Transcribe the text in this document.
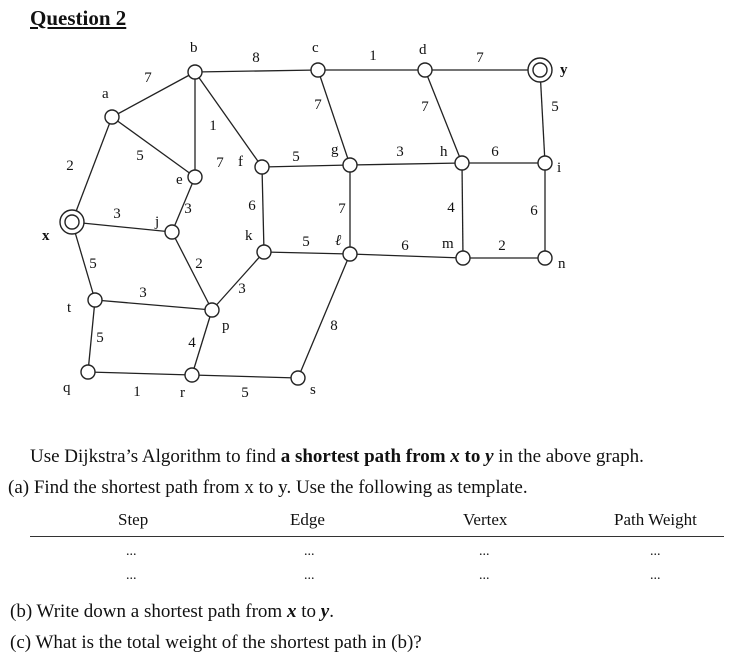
Question 2
2
7
8	1	7
5
1
7
7	7	5
5	3	6
3	3	6	7	4	6
5	6	2
5	2
3
8
3
5	4
1	5
x
a
b	c	d
y
e
f
g	h
i
j
k	ℓ	m
n
t
p
q	r	s
Use Dijkstra’s Algorithm to find a shortest path from x to y in the above graph.
(a) Find the shortest path from x to y. Use the following as template.
Step	Edge	Vertex	Path Weight
...	...	...	...
...	...	...	...
(b) Write down a shortest path from x to y.
(c) What is the total weight of the shortest path in (b)?
